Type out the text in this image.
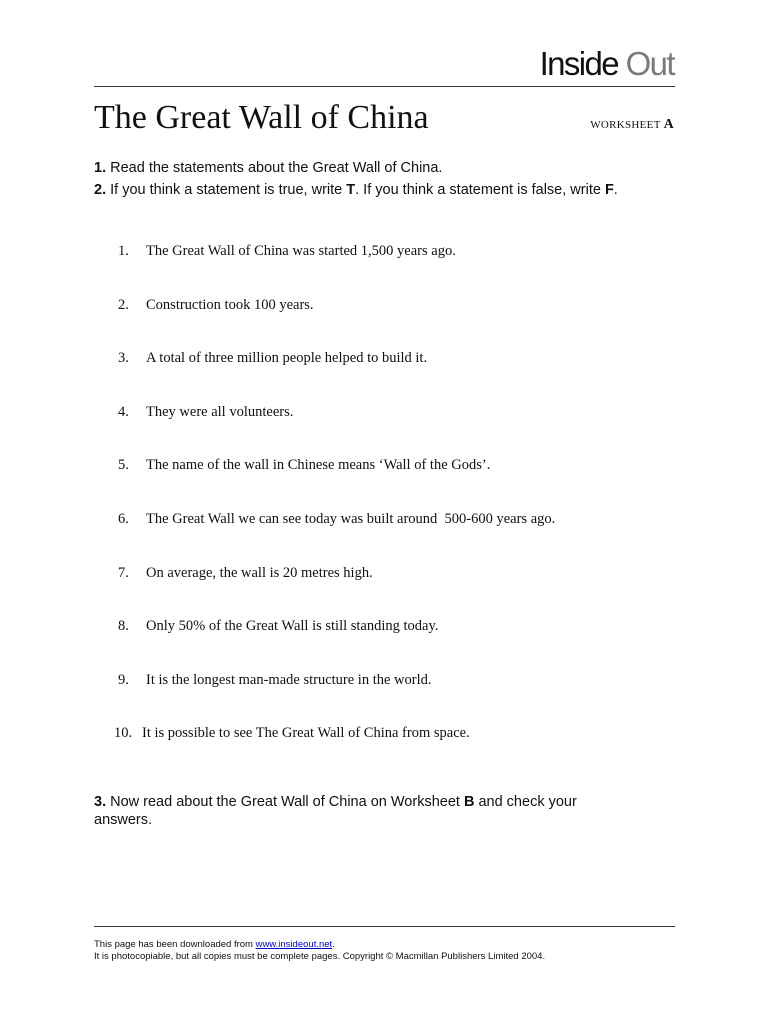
Inside Out
The Great Wall of China	WORKSHEET A
1. Read the statements about the Great Wall of China.
2. If you think a statement is true, write T. If you think a statement is false, write F.
1.	The Great Wall of China was started 1,500 years ago.
2.	Construction took 100 years.
3.	A total of three million people helped to build it.
4.	They were all volunteers.
5.	The name of the wall in Chinese means ‘Wall of the Gods’.
6.	The Great Wall we can see today was built around  500-600 years ago.
7.	On average, the wall is 20 metres high.
8.	Only 50% of the Great Wall is still standing today.
9.	It is the longest man-made structure in the world.
10. It is possible to see The Great Wall of China from space.
3. Now read about the Great Wall of China on Worksheet B and check your answers.
This page has been downloaded from www.insideout.net.
It is photocopiable, but all copies must be complete pages. Copyright © Macmillan Publishers Limited 2004.
